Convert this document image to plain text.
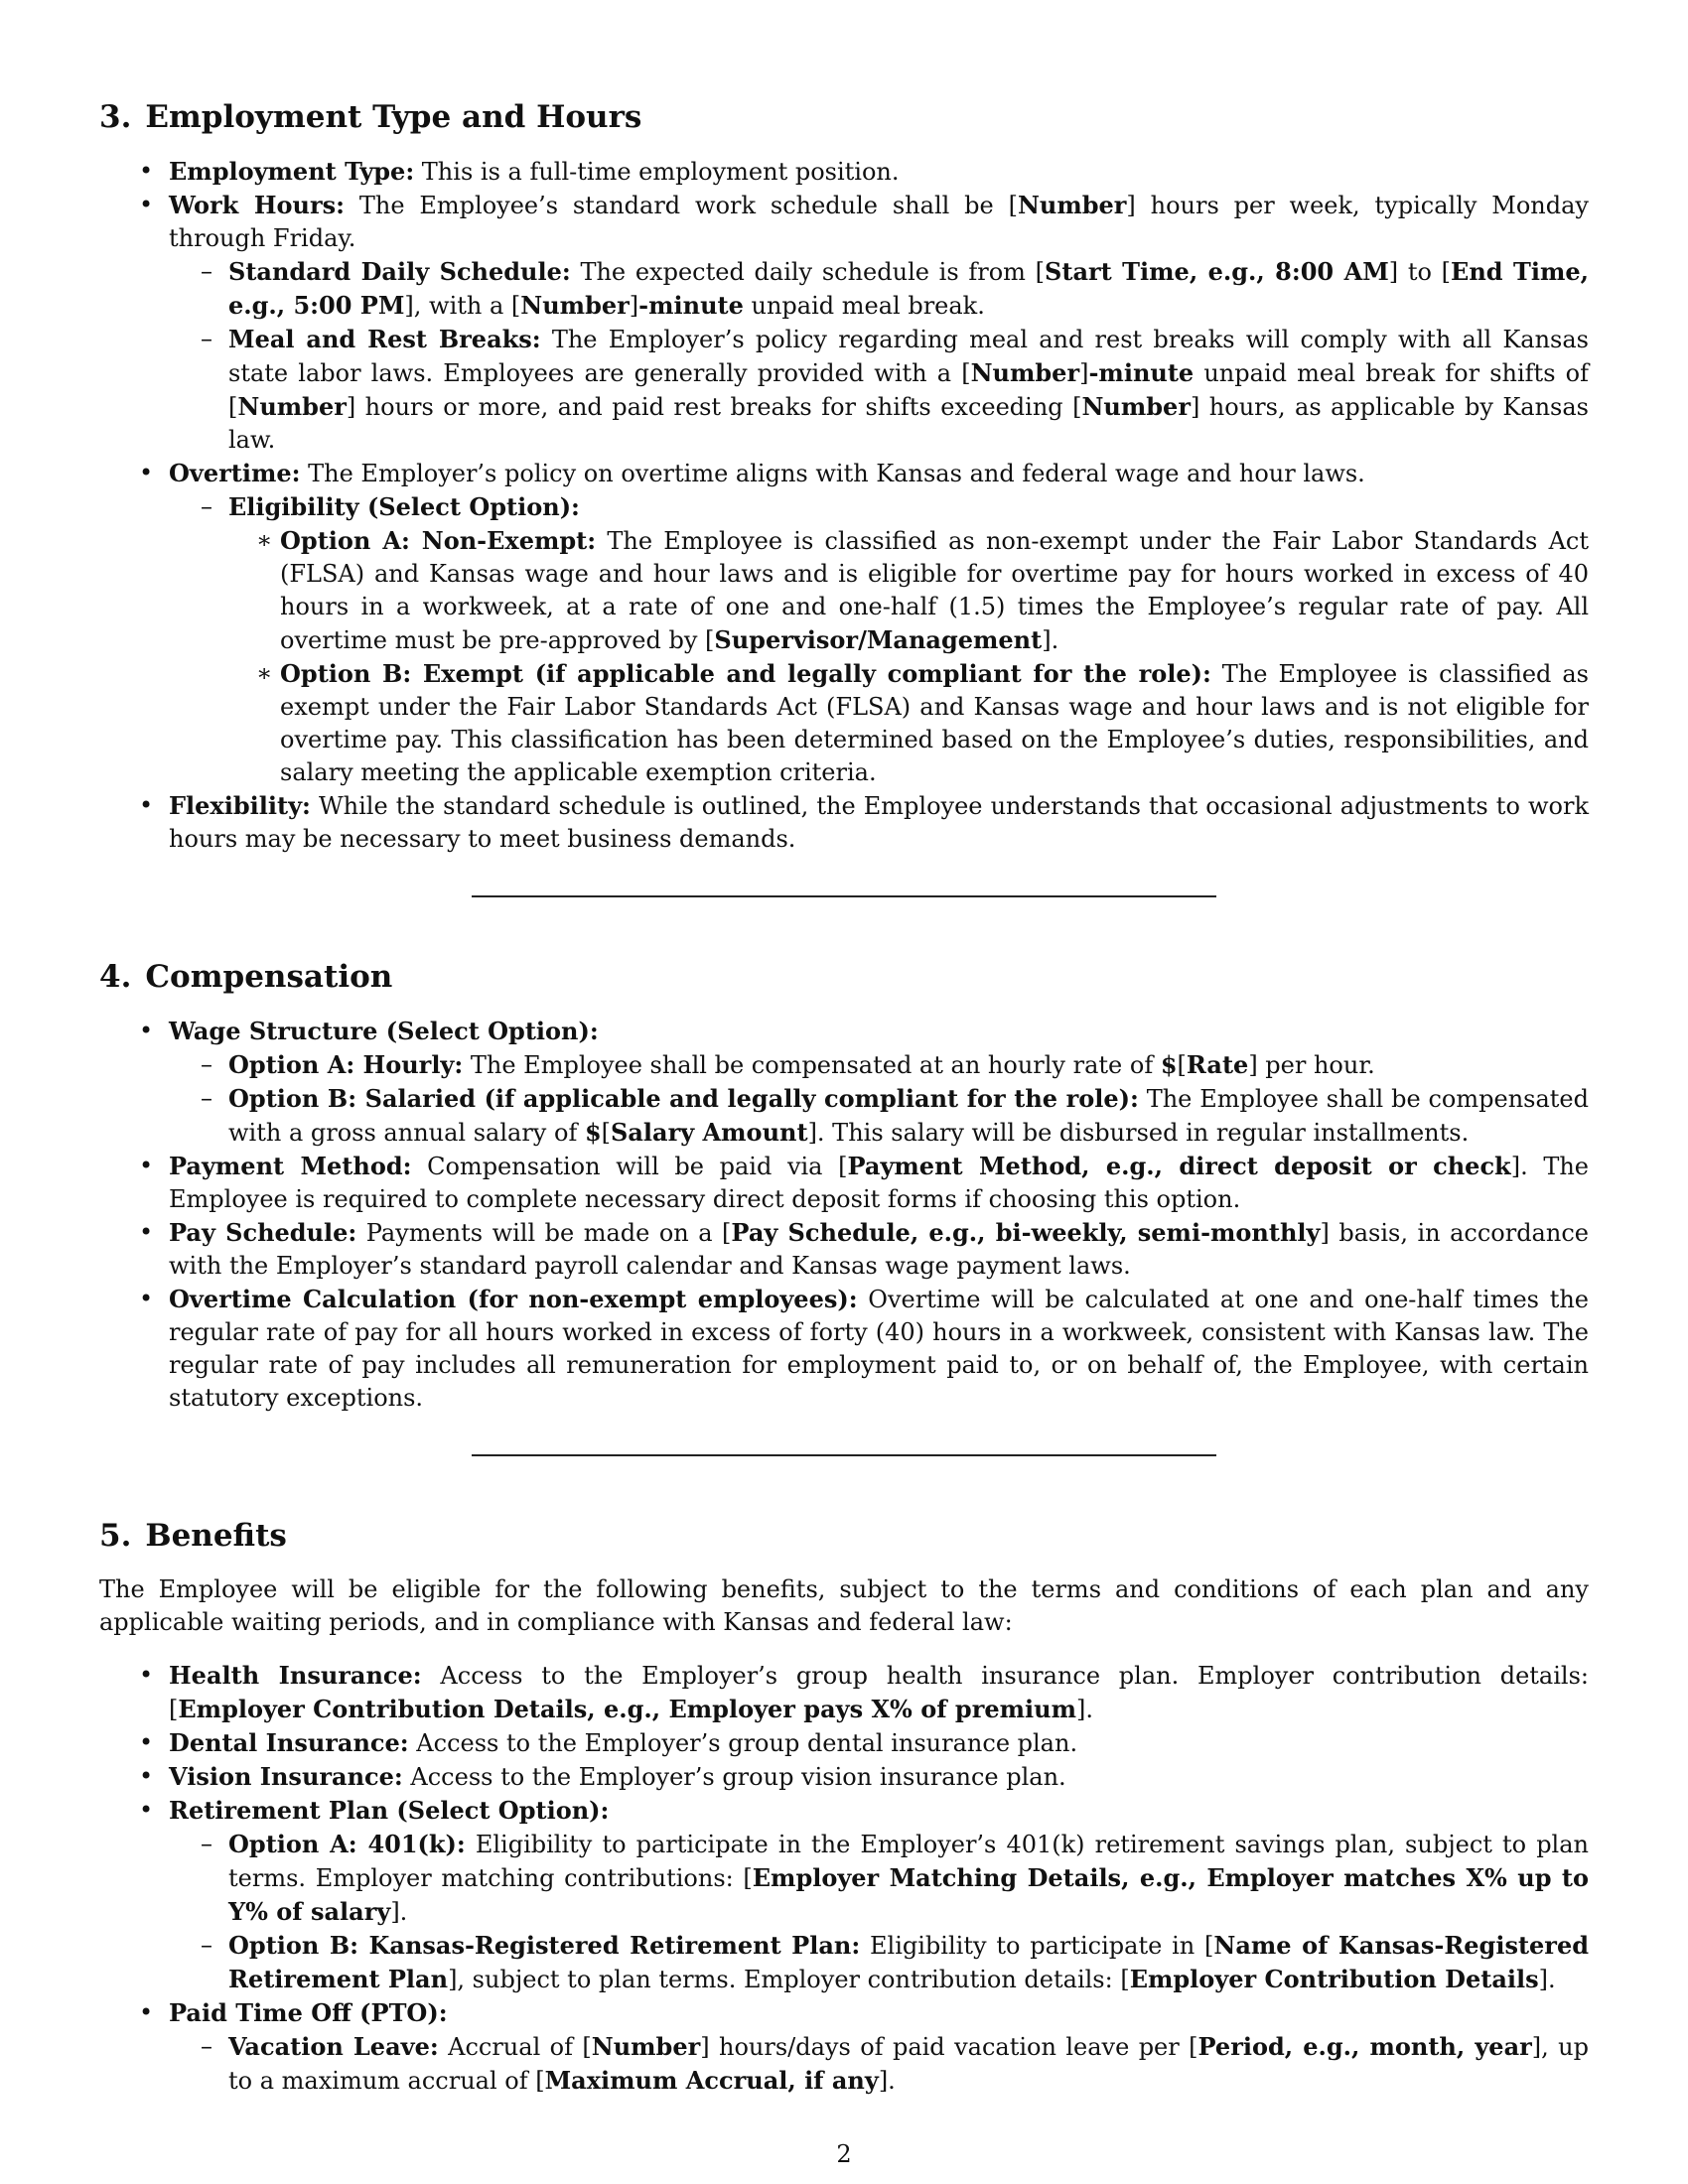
3. Employment Type and Hours
• Employment Type: This is a full-time employment position.
• Work Hours: The Employee’s standard work schedule shall be [Number] hours per week, typically Monday through Friday.
– Standard Daily Schedule: The expected daily schedule is from [Start Time, e.g., 8:00 AM] to [End Time, e.g., 5:00 PM], with a [Number]-minute unpaid meal break.
– Meal and Rest Breaks: The Employer’s policy regarding meal and rest breaks will comply with all Kansas state labor laws. Employees are generally provided with a [Number]-minute unpaid meal break for shifts of [Number] hours or more, and paid rest breaks for shifts exceeding [Number] hours, as applicable by Kansas law.
• Overtime: The Employer’s policy on overtime aligns with Kansas and federal wage and hour laws.
– Eligibility (Select Option):
∗ Option A: Non-Exempt: The Employee is classified as non-exempt under the Fair Labor Standards Act (FLSA) and Kansas wage and hour laws and is eligible for overtime pay for hours worked in excess of 40 hours in a workweek, at a rate of one and one-half (1.5) times the Employee’s regular rate of pay. All overtime must be pre-approved by [Supervisor/Management].
∗ Option B: Exempt (if applicable and legally compliant for the role): The Employee is classified as exempt under the Fair Labor Standards Act (FLSA) and Kansas wage and hour laws and is not eligible for overtime pay. This classification has been determined based on the Employee’s duties, responsibilities, and salary meeting the applicable exemption criteria.
• Flexibility: While the standard schedule is outlined, the Employee understands that occasional adjustments to work hours may be necessary to meet business demands.
4. Compensation
• Wage Structure (Select Option):
– Option A: Hourly: The Employee shall be compensated at an hourly rate of $[Rate] per hour.
– Option B: Salaried (if applicable and legally compliant for the role): The Employee shall be compensated with a gross annual salary of $[Salary Amount]. This salary will be disbursed in regular installments.
• Payment Method: Compensation will be paid via [Payment Method, e.g., direct deposit or check]. The Employee is required to complete necessary direct deposit forms if choosing this option.
• Pay Schedule: Payments will be made on a [Pay Schedule, e.g., bi-weekly, semi-monthly] basis, in accordance with the Employer’s standard payroll calendar and Kansas wage payment laws.
• Overtime Calculation (for non-exempt employees): Overtime will be calculated at one and one-half times the regular rate of pay for all hours worked in excess of forty (40) hours in a workweek, consistent with Kansas law. The regular rate of pay includes all remuneration for employment paid to, or on behalf of, the Employee, with certain statutory exceptions.
5. Benefits

The Employee will be eligible for the following benefits, subject to the terms and conditions of each plan and any applicable waiting periods, and in compliance with Kansas and federal law:

• Health Insurance: Access to the Employer’s group health insurance plan. Employer contribution details: [Employer Contribution Details, e.g., Employer pays X% of premium].
• Dental Insurance: Access to the Employer’s group dental insurance plan.
• Vision Insurance: Access to the Employer’s group vision insurance plan.
• Retirement Plan (Select Option):
– Option A: 401(k): Eligibility to participate in the Employer’s 401(k) retirement savings plan, subject to plan terms. Employer matching contributions: [Employer Matching Details, e.g., Employer matches X% up to Y% of salary].
– Option B: Kansas-Registered Retirement Plan: Eligibility to participate in [Name of Kansas-Registered Retirement Plan], subject to plan terms. Employer contribution details: [Employer Contribution Details].
• Paid Time Off (PTO):
– Vacation Leave: Accrual of [Number] hours/days of paid vacation leave per [Period, e.g., month, year], up to a maximum accrual of [Maximum Accrual, if any].
2
